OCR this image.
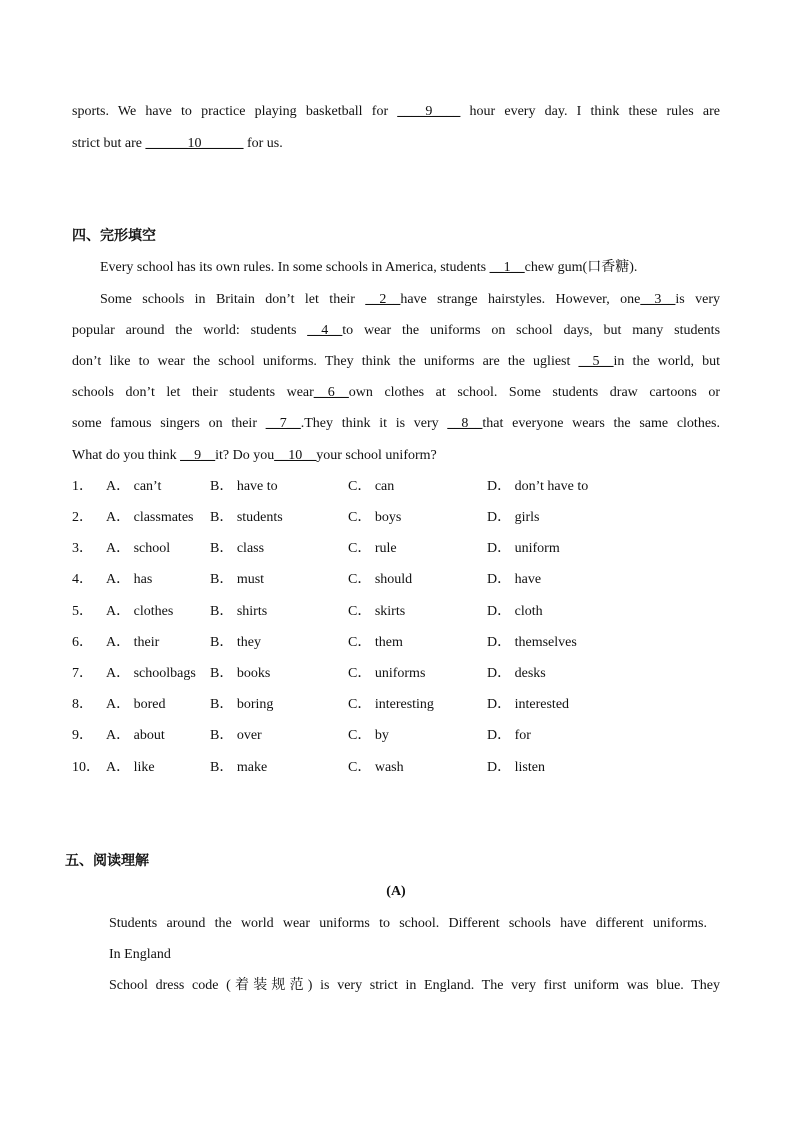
sports. We have to practice playing basketball for ____9____ hour every day. I think these rules are
strict but are ______10______ for us.
四、完形填空
Every school has its own rules. In some schools in America, students __1__chew gum(口香糖).
Some schools in Britain don’t let their __2__have strange hairstyles. However, one__3__is very
popular around the world: students __4__to wear the uniforms on school days, but many students
don’t like to wear the school uniforms. They think the uniforms are the ugliest __5__in the world, but
schools don’t let their students wear__6__own clothes at school. Some students draw cartoons or
some famous singers on their __7__.They think it is very __8__that everyone wears the same clothes.
What do you think __9__it? Do you__10__your school uniform?
1． A． can’t	B． have to	C． can	D． don’t have to
2． A． classmates B． students	C． boys	D． girls
3． A． school	B． class	C． rule	D． uniform
4． A． has	B． must	C． should	D． have
5． A． clothes	B． shirts	C． skirts	D． cloth
6． A． their	B． they	C． them	D． themselves
7． A． schoolbags B． books	C． uniforms	D． desks
8． A． bored	B． boring	C． interesting	D． interested
9． A． about	B． over	C． by	D． for
10． A． like	B． make	C． wash	D． listen
五、阅读理解
(A)
Students around the world wear uniforms to school. Different schools have different uniforms.
In England
School dress code (着装规范) is very strict in England. The very first uniform was blue. They
